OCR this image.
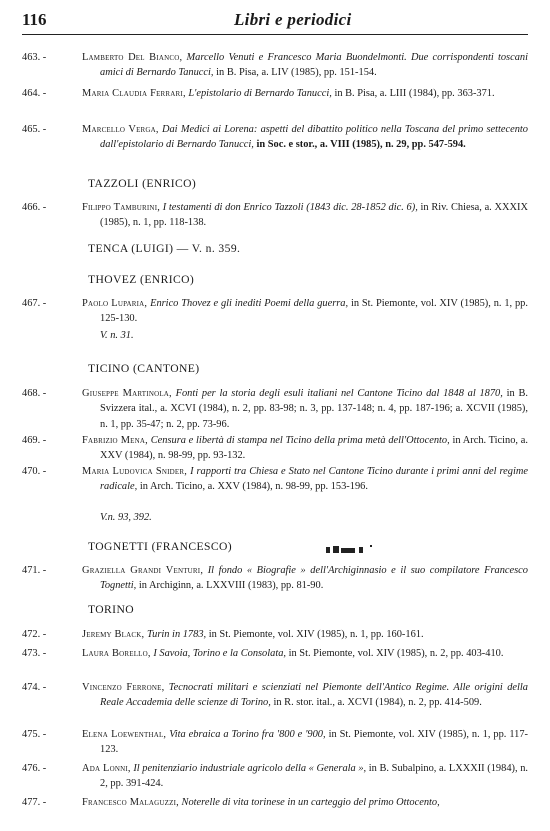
116	Libri e periodici
463. -	Lamberto Del Bianco, Marcello Venuti e Francesco Maria Buondelmonti. Due corrispondenti toscani amici di Bernardo Tanucci, in B. Pisa, a. LIV (1985), pp. 151-154.
464. -	Maria Claudia Ferrari, L'epistolario di Bernardo Tanucci, in B. Pisa, a. LIII (1984), pp. 363-371.
465. -	Marcello Verga, Dai Medici ai Lorena: aspetti del dibattito politico nella Toscana del primo settecento dall'epistolario di Bernardo Tanucci, in Soc. e stor., a. VIII (1985), n. 29, pp. 547-594.
TAZZOLI (ENRICO)
466. -	Filippo Tamburini, I testamenti di don Enrico Tazzoli (1843 dic. 28-1852 dic. 6), in Riv. Chiesa, a. XXXIX (1985), n. 1, pp. 118-138.
TENCA (LUIGI) — V. n. 359.
THOVEZ (ENRICO)
467. -	Paolo Luparia, Enrico Thovez e gli inediti Poemi della guerra, in St. Piemonte, vol. XIV (1985), n. 1, pp. 125-130.
V. n. 31.
TICINO (CANTONE)
468. -	Giuseppe Martinola, Fonti per la storia degli esuli italiani nel Cantone Ticino dal 1848 al 1870, in B. Svizzera ital., a. XCVI (1984), n. 2, pp. 83-98; n. 3, pp. 137-148; n. 4, pp. 187-196; a. XCVII (1985), n. 1, pp. 35-47; n. 2, pp. 73-96.
469. -	Fabrizio Mena, Censura e libertà di stampa nel Ticino della prima metà dell'Ottocento, in Arch. Ticino, a. XXV (1984), n. 98-99, pp. 93-132.
470. -	Maria Ludovica Snider, I rapporti tra Chiesa e Stato nel Cantone Ticino durante i primi anni del regime radicale, in Arch. Ticino, a. XXV (1984), n. 98-99, pp. 153-196.
V.n. 93, 392.
TOGNETTI (FRANCESCO)
471. -	Graziella Grandi Venturi, Il fondo « Biografie » dell'Archiginnasio e il suo compilatore Francesco Tognetti, in Archiginn, a. LXXVIII (1983), pp. 81-90.
TORINO
472. -	Jeremy Black, Turin in 1783, in St. Piemonte, vol. XIV (1985), n. 1, pp. 160-161.
473. -	Laura Borello, I Savoia, Torino e la Consolata, in St. Piemonte, vol. XIV (1985), n. 2, pp. 403-410.
474. -	Vincenzo Ferrone, Tecnocrati militari e scienziati nel Piemonte dell'Antico Regime. Alle origini della Reale Accademia delle scienze di Torino, in R. stor. ital., a. XCVI (1984), n. 2, pp. 414-509.
475. -	Elena Loewenthal, Vita ebraica a Torino fra '800 e '900, in St. Piemonte, vol. XIV (1985), n. 1, pp. 117-123.
476. -	Ada Lonni, Il penitenziario industriale agricolo della « Generala », in B. Subalpino, a. LXXXII (1984), n. 2, pp. 391-424.
477. -	Francesco Malaguzzi, Noterelle di vita torinese in un carteggio del primo Ottocento,
